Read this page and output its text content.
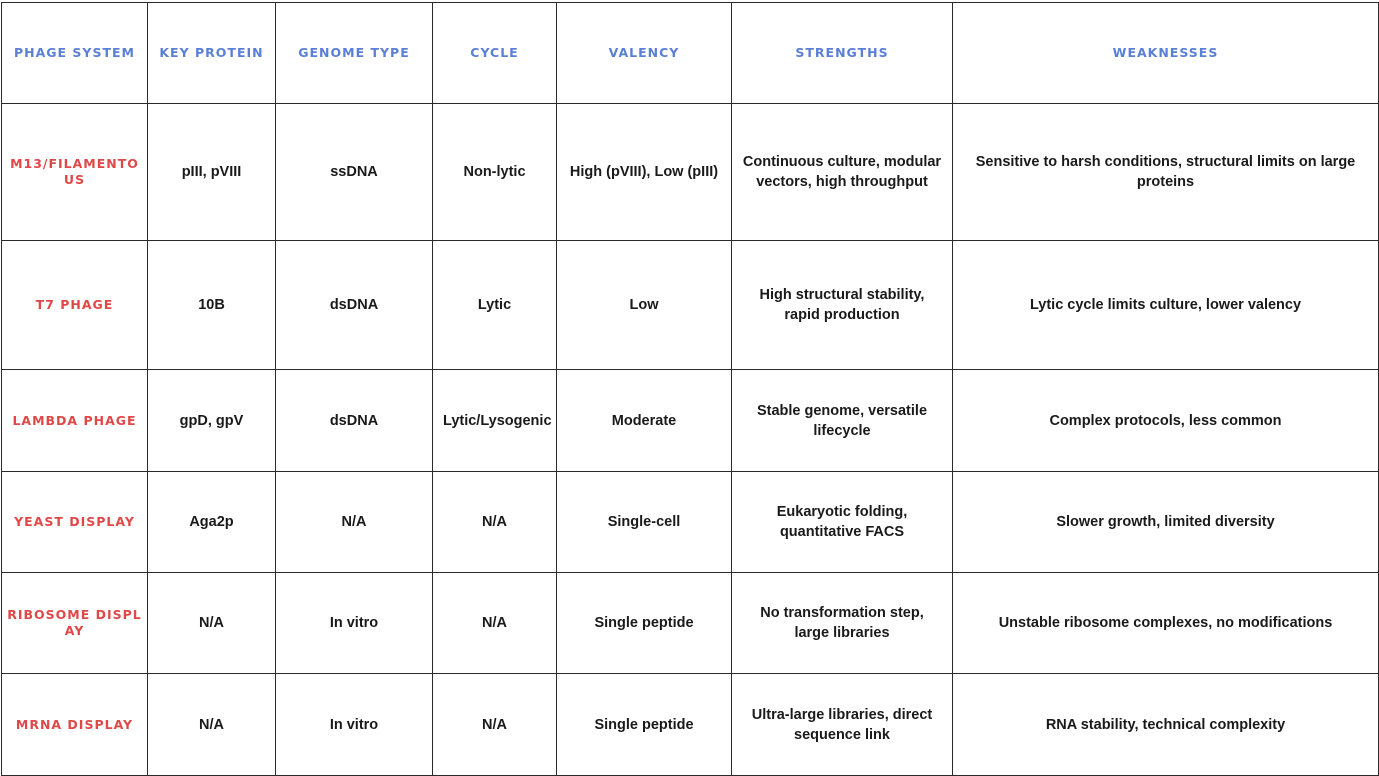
PHAGE SYSTEM	KEY PROTEIN	GENOME TYPE	CYCLE	VALENCY	STRENGTHS	WEAKNESSES
M13/FILAMENTOUS	pIII, pVIII	ssDNA	Non-lytic	High (pVIII), Low (pIII)	Continuous culture, modular vectors, high throughput	Sensitive to harsh conditions, structural limits on large proteins
T7 PHAGE	10B	dsDNA	Lytic	Low	High structural stability, rapid production	Lytic cycle limits culture, lower valency
LAMBDA PHAGE	gpD, gpV	dsDNA	Lytic/Lysogenic	Moderate	Stable genome, versatile lifecycle	Complex protocols, less common
YEAST DISPLAY	Aga2p	N/A	N/A	Single-cell	Eukaryotic folding, quantitative FACS	Slower growth, limited diversity
RIBOSOME DISPLAY	N/A	In vitro	N/A	Single peptide	No transformation step, large libraries	Unstable ribosome complexes, no modifications
MRNA DISPLAY	N/A	In vitro	N/A	Single peptide	Ultra-large libraries, direct sequence link	RNA stability, technical complexity
